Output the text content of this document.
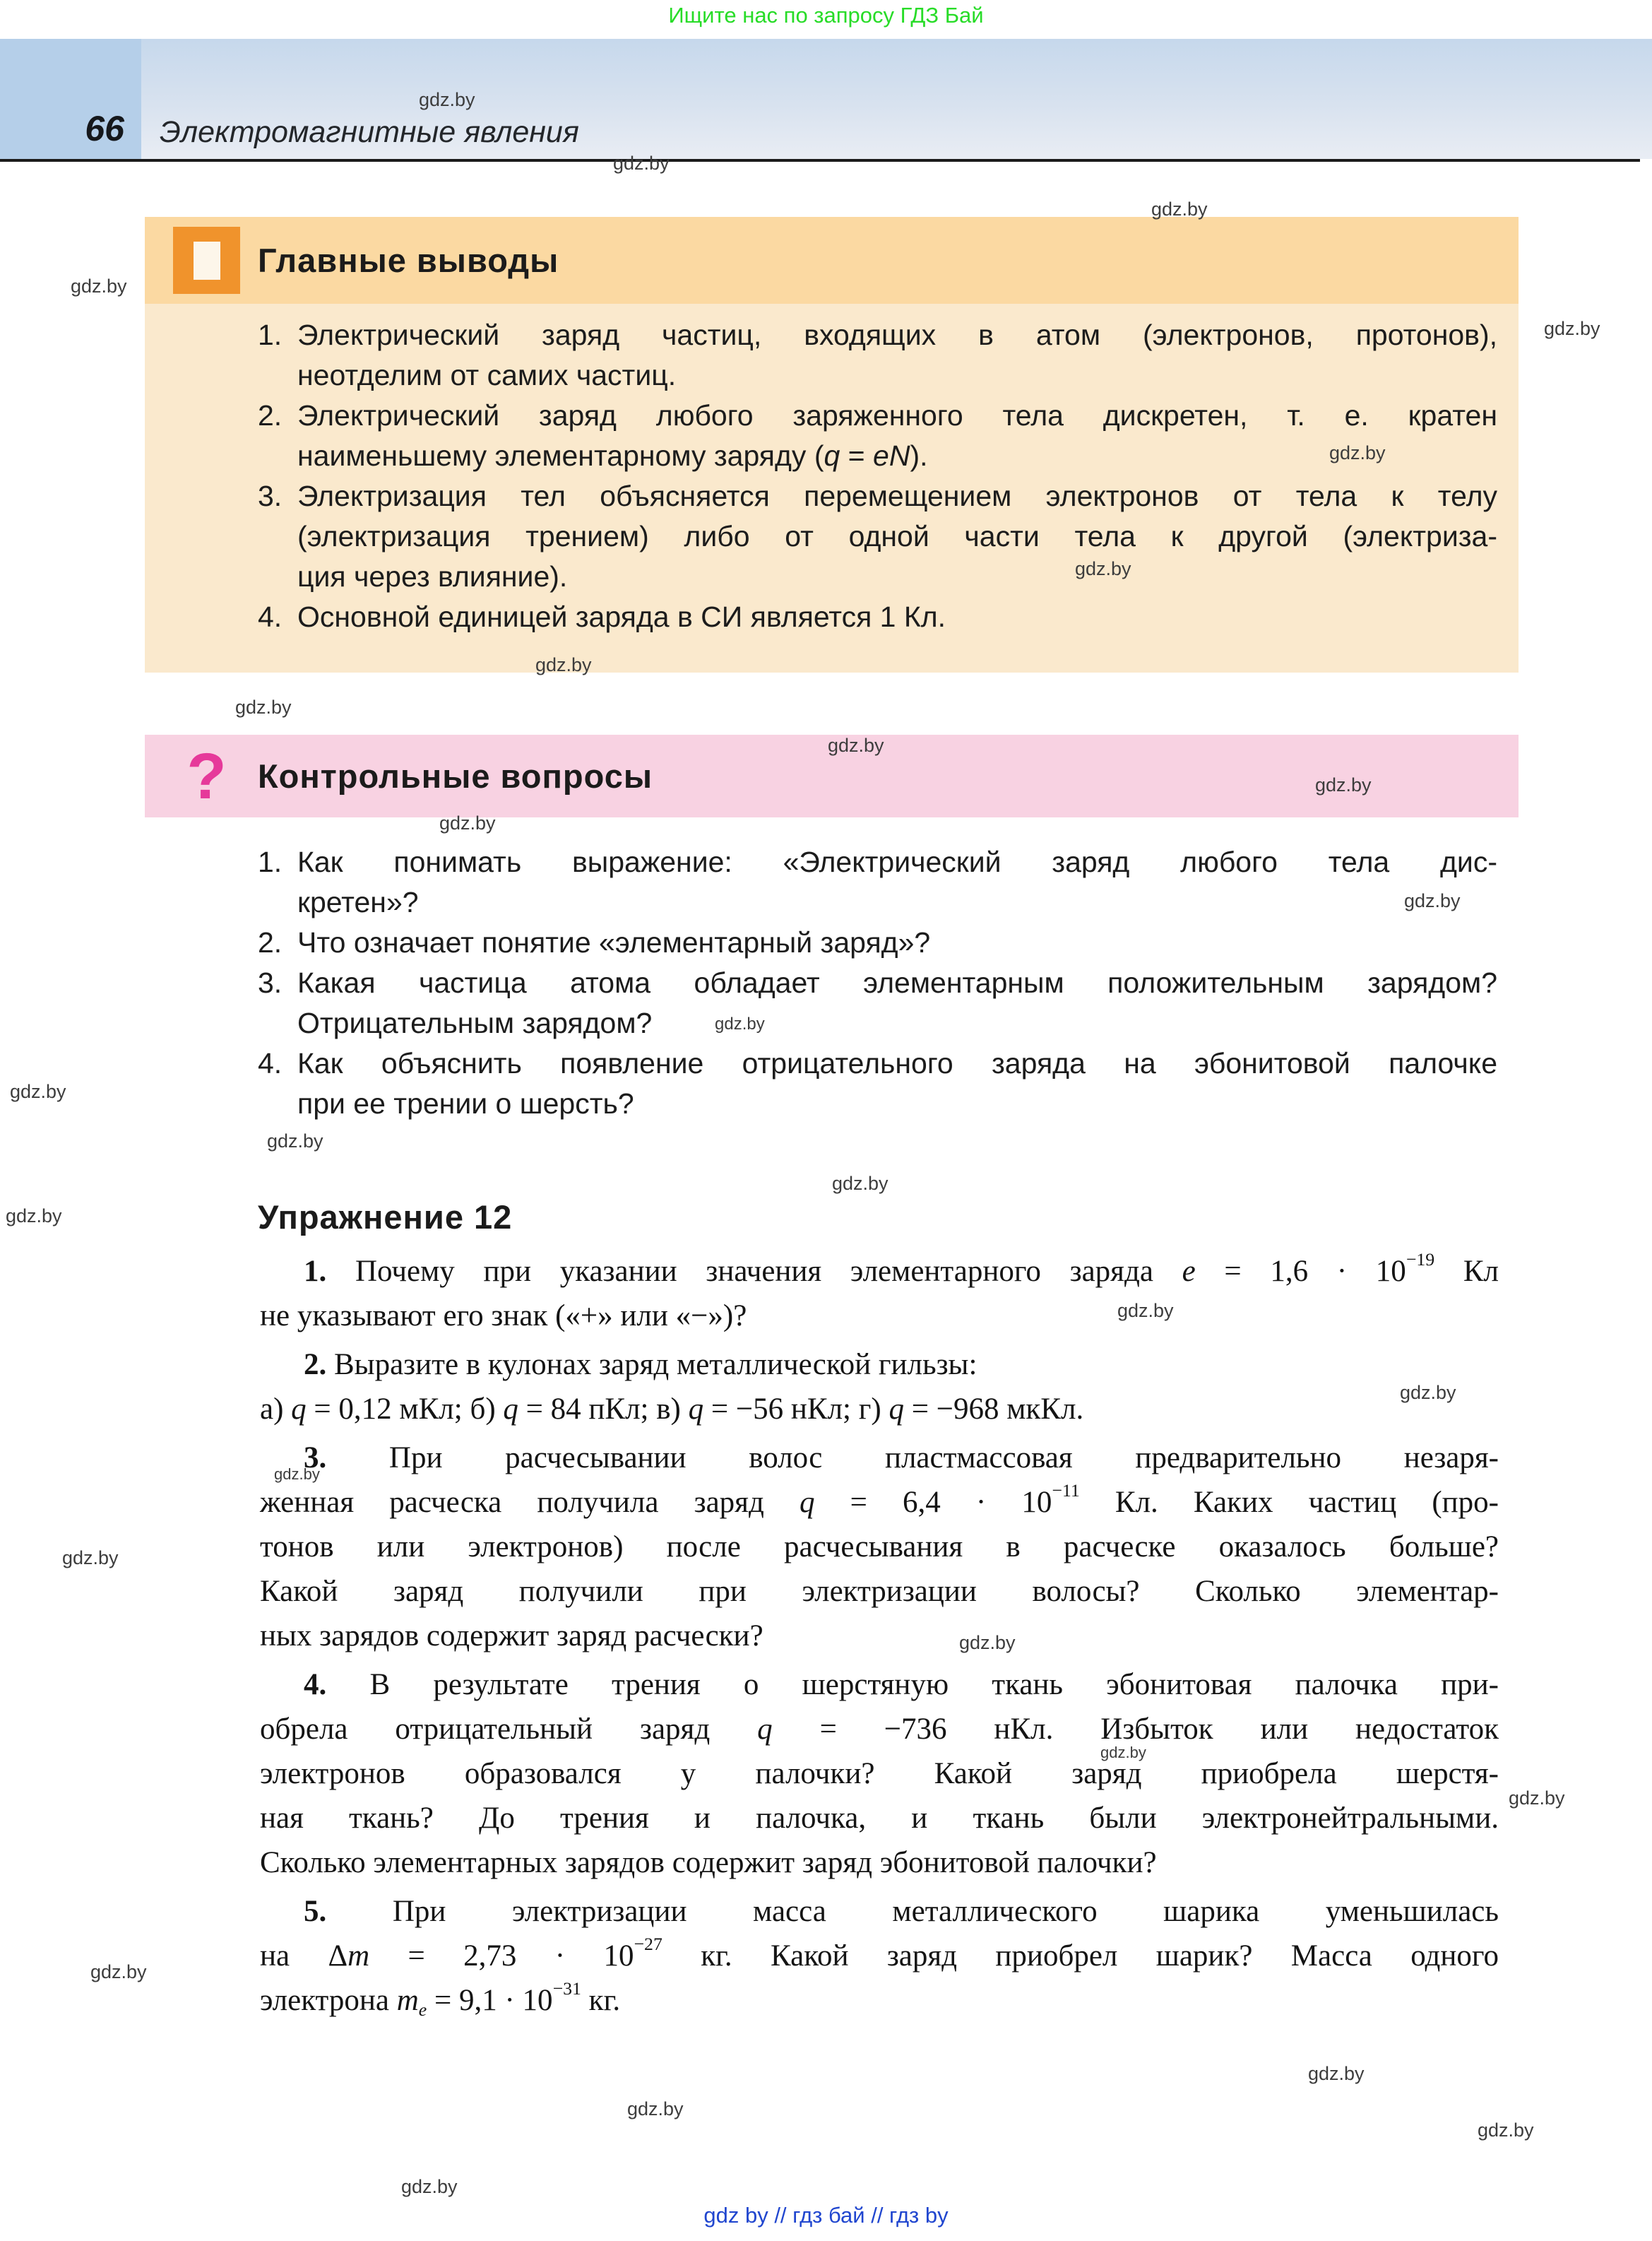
Ищите нас по запросу ГДЗ Бай
66 Электромагнитные явления
Главные выводы
1. Электрический заряд частиц, входящих в атом (электронов, протонов),
неотделим от самих частиц.
2. Электрический заряд любого заряженного тела дискретен, т. е. кратен
наименьшему элементарному заряду (q = eN).
3. Электризация тел объясняется перемещением электронов от тела к телу
(электризация трением) либо от одной части тела к другой (электриза-
ция через влияние).
4. Основной единицей заряда в СИ является 1 Кл.
? Контрольные вопросы
1. Как понимать выражение: «Электрический заряд любого тела дис-
кретен»?
2. Что означает понятие «элементарный заряд»?
3. Какая частица атома обладает элементарным положительным зарядом?
Отрицательным зарядом?
4. Как объяснить появление отрицательного заряда на эбонитовой палочке
при ее трении о шерсть?
Упражнение 12
1. Почему при указании значения элементарного заряда $e = 1,6 \cdot 10^{-19}$ Кл
не указывают его знак («+» или «−»)?
2. Выразите в кулонах заряд металлической гильзы:
а) q = 0,12 мКл; б) q = 84 пКл; в) q = −56 нКл; г) q = −968 мкКл.
3. При расчесывании волос пластмассовая предварительно незаря-
женная расческа получила заряд $q = 6,4 \cdot 10^{-11}$ Кл. Каких частиц (про-
тонов или электронов) после расчесывания в расческе оказалось больше?
Какой заряд получили при электризации волосы? Сколько элементар-
ных зарядов содержит заряд расчески?
4. В результате трения о шерстяную ткань эбонитовая палочка при-
обрела отрицательный заряд q = −736 нКл. Избыток или недостаток
электронов образовался у палочки? Какой заряд приобрела шерстя-
ная ткань? До трения и палочка, и ткань были электронейтральными.
Сколько элементарных зарядов содержит заряд эбонитовой палочки?
5. При электризации масса металлического шарика уменьшилась
на $\Delta m = 2,73 \cdot 10^{-27}$ кг. Какой заряд приобрел шарик? Масса одного
электрона $m_e = 9,1 \cdot 10^{-31}$ кг.
gdz.by
gdz.by
gdz.by
gdz.by
gdz.by
gdz.by
gdz.by
gdz.by
gdz.by
gdz.by
gdz.by
gdz.by
gdz.by
gdz.by
gdz.by
gdz.by
gdz.by
gdz.by
gdz.by
gdz.by
gdz.by
gdz.by
gdz.by
gdz.by
gdz.by
gdz.by
gdz.by
gdz.by
gdz.by
gdz.by
gdz by // гдз бай // гдз by
